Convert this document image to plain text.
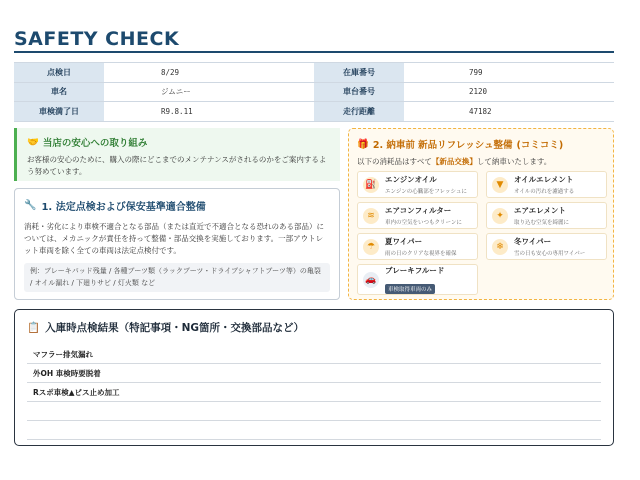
SAFETY CHECK
点検日	8/29	在庫番号	799
車名	ジムニー	車台番号	2120
車検満了日	R9.8.11	走行距離	47182
🤝 当店の安心への取り組み
お客様の安心のために、購入の際にどこまでのメンテナンスがされるのかをご案内するよう努めています。
🔧 1. 法定点検および保安基準適合整備
消耗・劣化により車検不適合となる部品（または直近で不適合となる恐れのある部品）については、メカニックが責任を持って整備・部品交換を実施しております。一部アウトレット車両を除く全ての車両は法定点検付です。
例：ブレーキパッド残量 / 各種ブーツ類（ラックブーツ・ドライブシャフトブーツ等）の亀裂 / オイル漏れ / 下廻りサビ / 灯火類 など
🎁 2. 納車前 新品リフレッシュ整備 (コミコミ)
以下の消耗品はすべて【新品交換】して納車いたします。
⛽	エンジンオイル
エンジンの心臓部をフレッシュに
▼	オイルエレメント
オイルの汚れを濾過する
≋	エアコンフィルター
車内の空気をいつもクリーンに
✦	エアエレメント
取り込む空気を綺麗に
☂	夏ワイパー
雨の日のクリアな視界を確保
❄	冬ワイパー
雪の日も安心の専用ワイパー
🚗
ブレーキフルード
車検取得車両のみ
📋 入庫時点検結果（特記事項・NG箇所・交換部品など）
マフラー排気漏れ
外OH 車検時要脱着
Rスポ車検▲ビス止め加工
